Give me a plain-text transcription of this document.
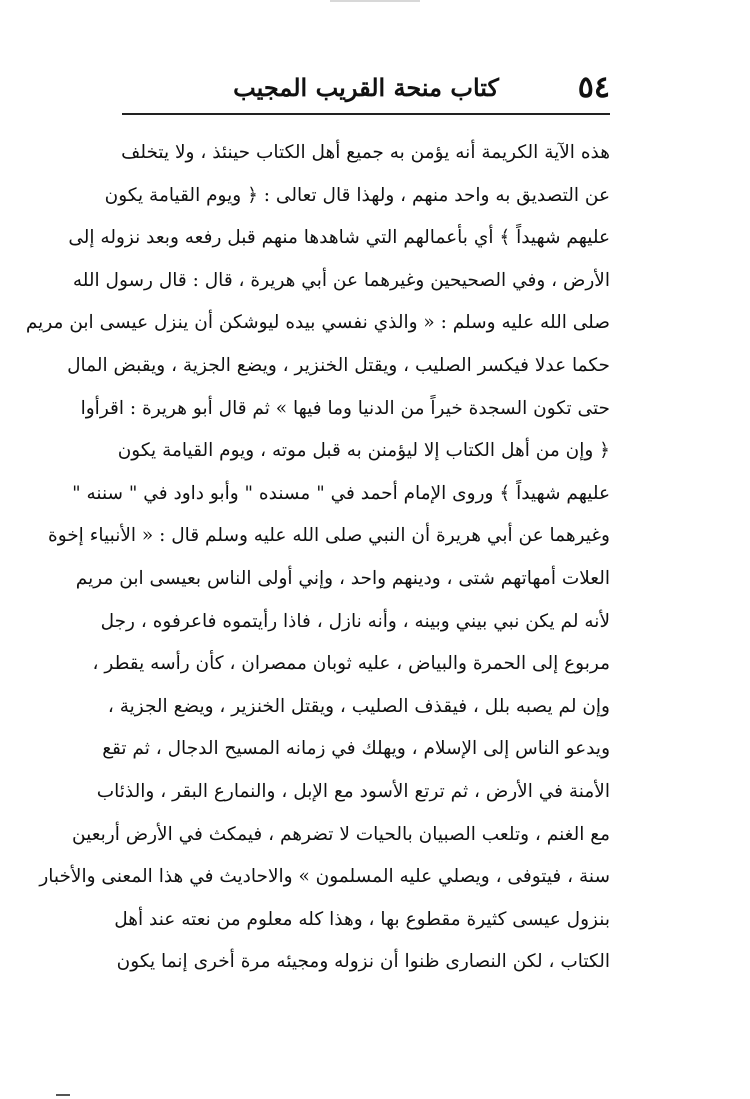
٥٤
كتاب منحة القريب المجيب
هذه الآية الكريمة أنه يؤمن به جميع أهل الكتاب حينئذ ، ولا يتخلف
عن التصديق به واحد منهم ، ولهذا قال تعالى : ﴿ ويوم القيامة يكون
عليهم شهيداً ﴾ أي بأعمالهم التي شاهدها منهم قبل رفعه وبعد نزوله إلى
الأرض ، وفي الصحيحين وغيرهما عن أبي هريرة ، قال : قال رسول الله
صلى الله عليه وسلم : « والذي نفسي بيده ليوشكن أن ينزل عيسى ابن مريم
حكما عدلا فيكسر الصليب ، ويقتل الخنزير ، ويضع الجزية ، ويقبض المال
حتى تكون السجدة خيراً من الدنيا وما فيها » ثم قال أبو هريرة : اقرأوا
﴿ وإن من أهل الكتاب إلا ليؤمنن به قبل موته ، ويوم القيامة يكون
عليهم شهيداً ﴾ وروى الإمام أحمد في " مسنده " وأبو داود في " سننه "
وغيرهما عن أبي هريرة أن النبي صلى الله عليه وسلم قال : « الأنبياء إخوة
العلات أمهاتهم شتى ، ودينهم واحد ، وإني أولى الناس بعيسى ابن مريم
لأنه لم يكن نبي بيني وبينه ، وأنه نازل ، فاذا رأيتموه فاعرفوه ، رجل
مربوع إلى الحمرة والبياض ، عليه ثوبان ممصران ، كأن رأسه يقطر ،
وإن لم يصبه بلل ، فيقذف الصليب ، ويقتل الخنزير ، ويضع الجزية ،
ويدعو الناس إلى الإسلام ، ويهلك في زمانه المسيح الدجال ، ثم تقع
الأمنة في الأرض ، ثم ترتع الأسود مع الإبل ، والنمارع البقر ، والذئاب
مع الغنم ، وتلعب الصبيان بالحيات لا تضرهم ، فيمكث في الأرض أربعين
سنة ، فيتوفى ، ويصلي عليه المسلمون » والاحاديث في هذا المعنى والأخبار
بنزول عيسى كثيرة مقطوع بها ، وهذا كله معلوم من نعته عند أهل
الكتاب ، لكن النصارى ظنوا أن نزوله ومجيئه مرة أخرى إنما يكون
